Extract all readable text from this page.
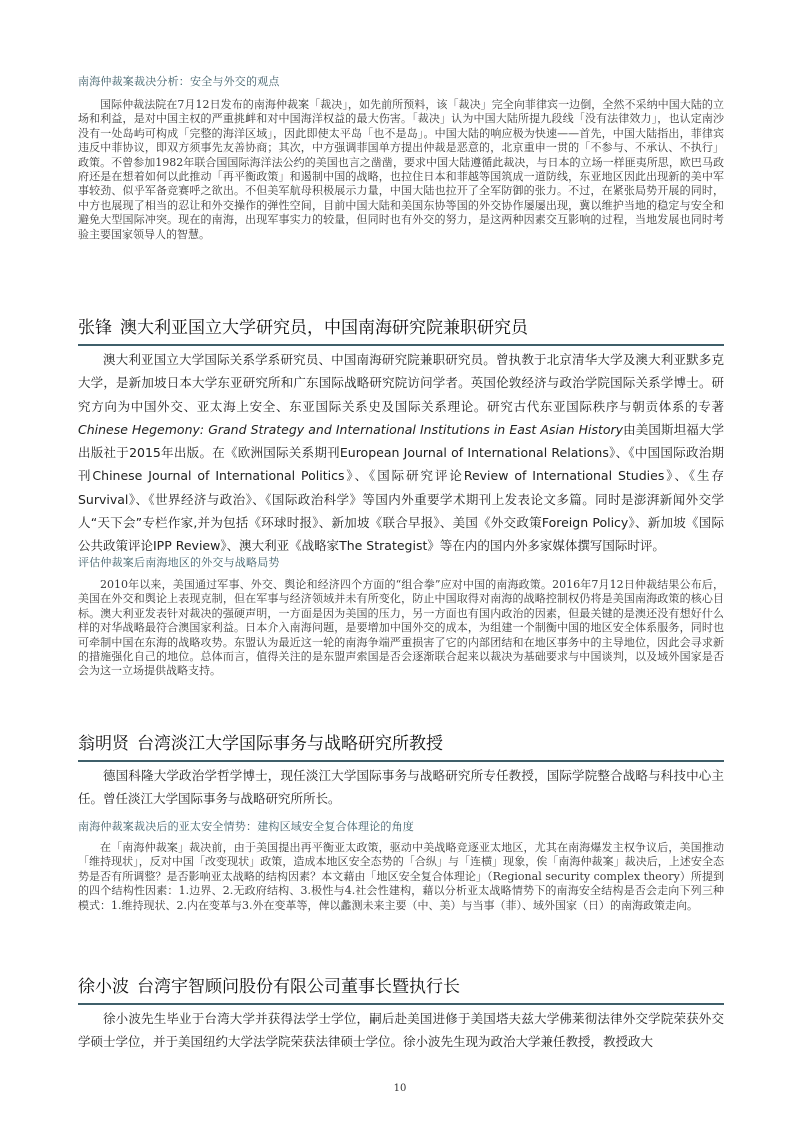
南海仲裁案裁决分析：安全与外交的观点

国际仲裁法院在7月12日发布的南海仲裁案「裁决」，如先前所预料，该「裁决」完全向菲律宾一边倒，全然不采纳中国大陆的立场和利益，是对中国主权的严重挑衅和对中国海洋权益的最大伤害。「裁决」认为中国大陆所提九段线「没有法律效力」，也认定南沙没有一处岛屿可构成「完整的海洋区域」，因此即使太平岛「也不是岛」。中国大陆的响应极为快速——首先，中国大陆指出，菲律宾违反中菲协议，即双方须事先友善协商；其次，中方强调菲国单方提出仲裁是恶意的，北京重申一贯的「不参与、不承认、不执行」政策。不曾参加1982年联合国国际海洋法公约的美国也言之凿凿，要求中国大陆遵循此裁决，与日本的立场一样匪夷所思，欧巴马政府还是在想着如何以此推动「再平衡政策」和遏制中国的战略，也拉住日本和菲越等国筑成一道防线，东亚地区因此出现新的美中军事较劲、似乎军备竞赛呼之欲出。不但美军航母积极展示力量，中国大陆也拉开了全军防御的张力。不过，在紧张局势开展的同时，中方也展现了相当的忍让和外交操作的弹性空间，目前中国大陆和美国东协等国的外交协作屡屡出现，冀以维护当地的稳定与安全和避免大型国际冲突。现在的南海，出现军事实力的较量，但同时也有外交的努力，是这两种因素交互影响的过程，当地发展也同时考验主要国家领导人的智慧。

张锋 澳大利亚国立大学研究员，中国南海研究院兼职研究员

澳大利亚国立大学国际关系学系研究员、中国南海研究院兼职研究员。曾执教于北京清华大学及澳大利亚默多克大学，是新加坡日本大学东亚研究所和广东国际战略研究院访问学者。英国伦敦经济与政治学院国际关系学博士。研究方向为中国外交、亚太海上安全、东亚国际关系史及国际关系理论。研究古代东亚国际秩序与朝贡体系的专著Chinese Hegemony: Grand Strategy and International Institutions in East Asian History由美国斯坦福大学出版社于2015年出版。在《欧洲国际关系期刊European Journal of International Relations》、《中国国际政治期刊Chinese Journal of International Politics》、《国际研究评论Review of International Studies》、《生存Survival》、《世界经济与政治》、《国际政治科学》等国内外重要学术期刊上发表论文多篇。同时是澎湃新闻外交学人“天下会”专栏作家,并为包括《环球时报》、新加坡《联合早报》、美国《外交政策Foreign Policy》、新加坡《国际公共政策评论IPP Review》、澳大利亚《战略家The Strategist》等在内的国内外多家媒体撰写国际时评。

评估仲裁案后南海地区的外交与战略局势

2010年以来，美国通过军事、外交、舆论和经济四个方面的“组合拳”应对中国的南海政策。2016年7月12日仲裁结果公布后，美国在外交和舆论上表现克制，但在军事与经济领域并未有所变化，防止中国取得对南海的战略控制权仍将是美国南海政策的核心目标。澳大利亚发表针对裁决的强硬声明，一方面是因为美国的压力，另一方面也有国内政治的因素，但最关键的是澳还没有想好什么样的对华战略最符合澳国家利益。日本介入南海问题，是要增加中国外交的成本，为组建一个制衡中国的地区安全体系服务，同时也可牵制中国在东海的战略攻势。东盟认为最近这一轮的南海争端严重损害了它的内部团结和在地区事务中的主导地位，因此会寻求新的措施强化自己的地位。总体而言，值得关注的是东盟声索国是否会逐渐联合起来以裁决为基础要求与中国谈判，以及域外国家是否会为这一立场提供战略支持。

翁明贤 台湾淡江大学国际事务与战略研究所教授

德国科隆大学政治学哲学博士，现任淡江大学国际事务与战略研究所专任教授，国际学院整合战略与科技中心主任。曾任淡江大学国际事务与战略研究所所长。

南海仲裁案裁决后的亚太安全情势：建构区域安全复合体理论的角度

在「南海仲裁案」裁决前，由于美国提出再平衡亚太政策，驱动中美战略竞逐亚太地区，尤其在南海爆发主权争议后，美国推动「维持现状」，反对中国「改变现状」政策，造成本地区安全态势的「合纵」与「连横」现象，俟「南海仲裁案」裁决后，上述安全态势是否有所调整？是否影响亚太战略的结构因素？本文藉由「地区安全复合体理论」（Regional security complex theory）所提到的四个结构性因素：1.边界、2.无政府结构、3.极性与4.社会性建构，藉以分析亚太战略情势下的南海安全结构是否会走向下列三种模式：1.维持现状、2.内在变革与3.外在变革等，俾以蠡测未来主要（中、美）与当事（菲）、域外国家（日）的南海政策走向。

徐小波 台湾宇智顾问股份有限公司董事长暨执行长

徐小波先生毕业于台湾大学并获得法学士学位，嗣后赴美国进修于美国塔夫兹大学佛莱彻法律外交学院荣获外交学硕士学位，并于美国纽约大学法学院荣获法律硕士学位。徐小波先生现为政治大学兼任教授，教授政大

10
